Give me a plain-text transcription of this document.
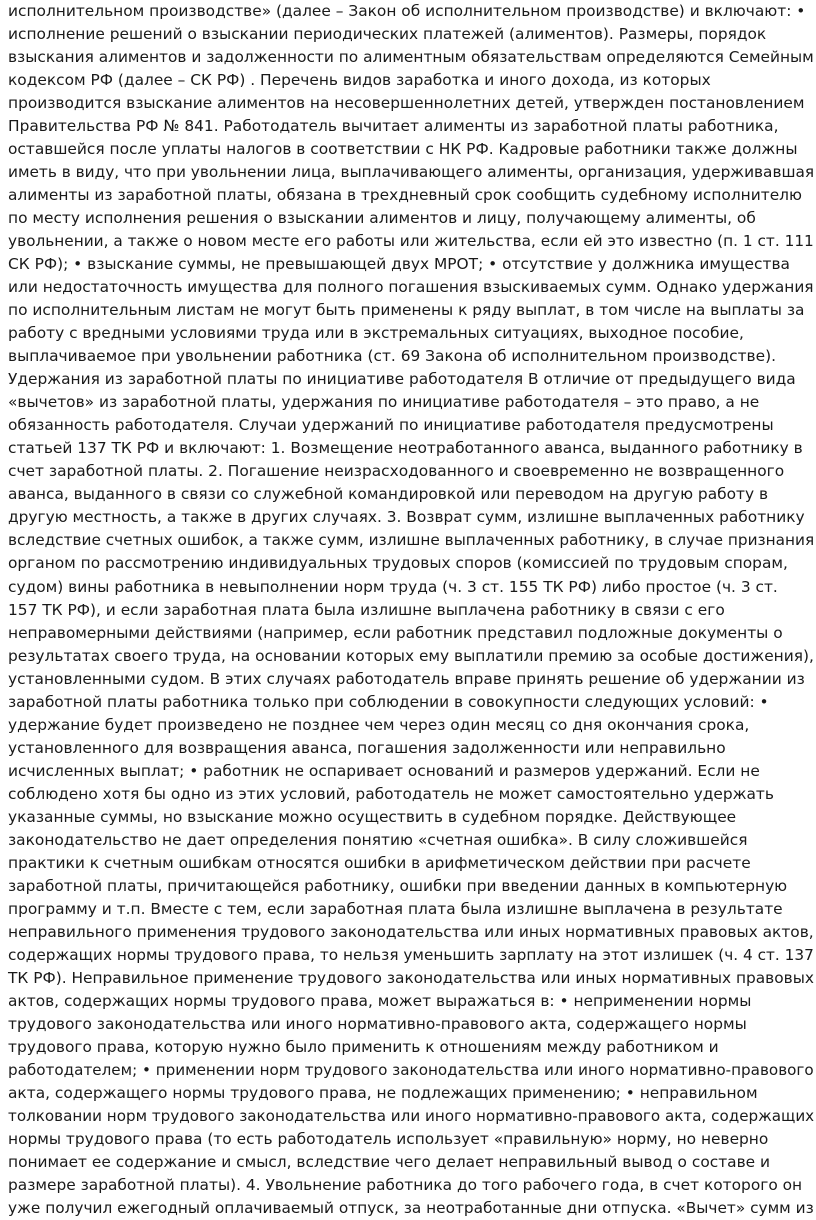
исполнительном производстве» (далее – Закон об исполнительном производстве) и включают: •
исполнение решений о взыскании периодических платежей (алиментов). Размеры, порядок
взыскания алиментов и задолженности по алиментным обязательствам определяются Семейным
кодексом РФ (далее – СК РФ) . Перечень видов заработка и иного дохода, из которых
производится взыскание алиментов на несовершеннолетних детей, утвержден постановлением
Правительства РФ № 841. Работодатель вычитает алименты из заработной платы работника,
оставшейся после уплаты налогов в соответствии с НК РФ. Кадровые работники также должны
иметь в виду, что при увольнении лица, выплачивающего алименты, организация, удерживавшая
алименты из заработной платы, обязана в трехдневный срок сообщить судебному исполнителю
по месту исполнения решения о взыскании алиментов и лицу, получающему алименты, об
увольнении, а также о новом месте его работы или жительства, если ей это известно (п. 1 ст. 111
СК РФ); • взыскание суммы, не превышающей двух МРОТ; • отсутствие у должника имущества
или недостаточность имущества для полного погашения взыскиваемых сумм. Однако удержания
по исполнительным листам не могут быть применены к ряду выплат, в том числе на выплаты за
работу с вредными условиями труда или в экстремальных ситуациях, выходное пособие,
выплачиваемое при увольнении работника (ст. 69 Закона об исполнительном производстве).
Удержания из заработной платы по инициативе работодателя В отличие от предыдущего вида
«вычетов» из заработной платы, удержания по инициативе работодателя – это право, а не
обязанность работодателя. Случаи удержаний по инициативе работодателя предусмотрены
статьей 137 ТК РФ и включают: 1. Возмещение неотработанного аванса, выданного работнику в
счет заработной платы. 2. Погашение неизрасходованного и своевременно не возвращенного
аванса, выданного в связи со служебной командировкой или переводом на другую работу в
другую местность, а также в других случаях. 3. Возврат сумм, излишне выплаченных работнику
вследствие счетных ошибок, а также сумм, излишне выплаченных работнику, в случае признания
органом по рассмотрению индивидуальных трудовых споров (комиссией по трудовым спорам,
судом) вины работника в невыполнении норм труда (ч. 3 ст. 155 ТК РФ) либо простое (ч. 3 ст.
157 ТК РФ), и если заработная плата была излишне выплачена работнику в связи с его
неправомерными действиями (например, если работник представил подложные документы о
результатах своего труда, на основании которых ему выплатили премию за особые достижения),
установленными судом. В этих случаях работодатель вправе принять решение об удержании из
заработной платы работника только при соблюдении в совокупности следующих условий: •
удержание будет произведено не позднее чем через один месяц со дня окончания срока,
установленного для возвращения аванса, погашения задолженности или неправильно
исчисленных выплат; • работник не оспаривает оснований и размеров удержаний. Если не
соблюдено хотя бы одно из этих условий, работодатель не может самостоятельно удержать
указанные суммы, но взыскание можно осуществить в судебном порядке. Действующее
законодательство не дает определения понятию «счетная ошибка». В силу сложившейся
практики к счетным ошибкам относятся ошибки в арифметическом действии при расчете
заработной платы, причитающейся работнику, ошибки при введении данных в компьютерную
программу и т.п. Вместе с тем, если заработная плата была излишне выплачена в результате
неправильного применения трудового законодательства или иных нормативных правовых актов,
содержащих нормы трудового права, то нельзя уменьшить зарплату на этот излишек (ч. 4 ст. 137
ТК РФ). Неправильное применение трудового законодательства или иных нормативных правовых
актов, содержащих нормы трудового права, может выражаться в: • неприменении нормы
трудового законодательства или иного нормативно-правового акта, содержащего нормы
трудового права, которую нужно было применить к отношениям между работником и
работодателем; • применении норм трудового законодательства или иного нормативно-правового
акта, содержащего нормы трудового права, не подлежащих применению; • неправильном
толковании норм трудового законодательства или иного нормативно-правового акта, содержащих
нормы трудового права (то есть работодатель использует «правильную» норму, но неверно
понимает ее содержание и смысл, вследствие чего делает неправильный вывод о составе и
размере заработной платы). 4. Увольнение работника до того рабочего года, в счет которого он
уже получил ежегодный оплачиваемый отпуск, за неотработанные дни отпуска. «Вычет» сумм из
